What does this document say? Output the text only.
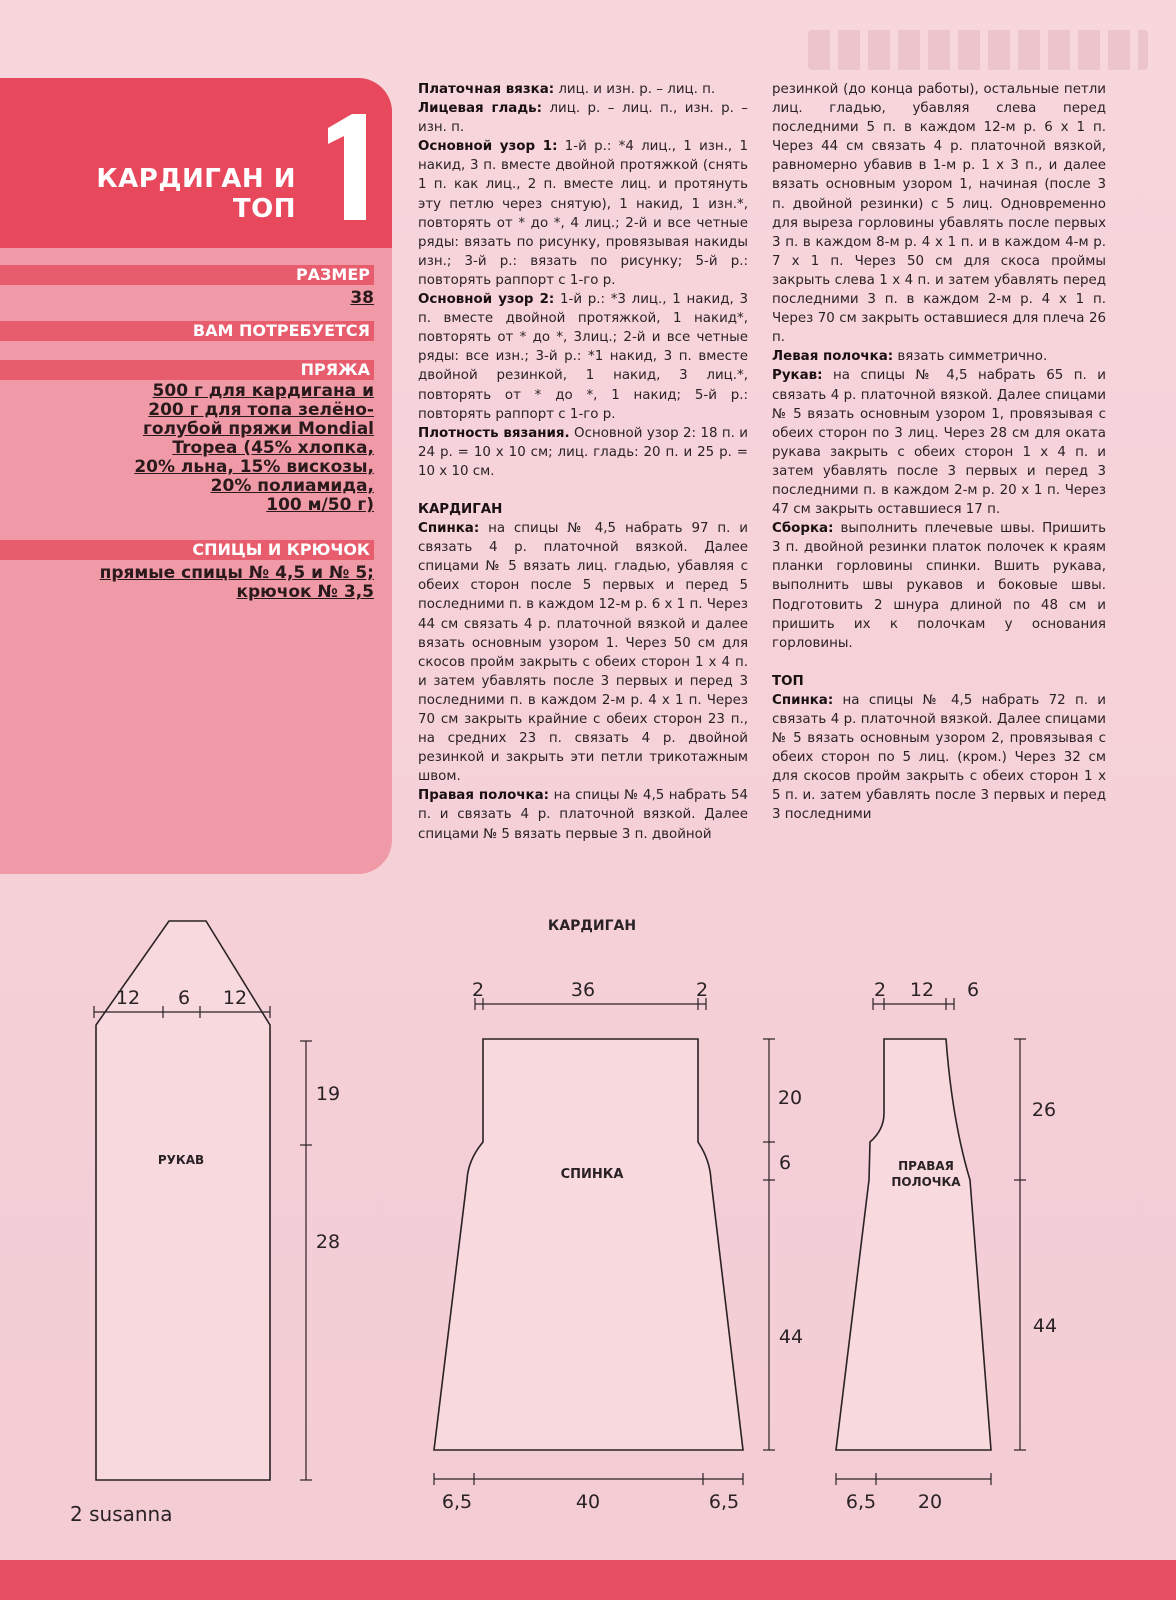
КАРДИГАН И
ТОП
РАЗМЕР
38
ВАМ ПОТРЕБУЕТСЯ
ПРЯЖА
500 г для кардигана и
200 г для топа зелёно-
голубой пряжи Mondial
Tropea (45% хлопка,
20% льна, 15% вискозы,
20% полиамида,
100 м/50 г)
СПИЦЫ И КРЮЧОК
прямые спицы № 4,5 и № 5;
крючок № 3,5

Платочная вязка: лиц. и изн. р. – лиц. п.

Лицевая гладь: лиц. р. – лиц. п., изн. р. – изн. п.

Основной узор 1: 1-й р.: *4 лиц., 1 изн., 1 накид, 3 п. вместе двойной протяжкой (снять 1 п. как лиц., 2 п. вместе лиц. и протянуть эту петлю через снятую), 1 накид, 1 изн.*, повторять от * до *, 4 лиц.; 2-й и все четные ряды: вязать по рисунку, провязывая накиды изн.; 3-й р.: вязать по рисунку; 5-й р.: повторять раппорт с 1-го р.

Основной узор 2: 1-й р.: *3 лиц., 1 накид, 3 п. вместе двойной протяжкой, 1 накид*, повторять от * до *, 3лиц.; 2-й и все четные ряды: все изн.; 3-й р.: *1 накид, 3 п. вместе двойной резинкой, 1 накид, 3 лиц.*, повторять от * до *, 1 накид; 5-й р.: повторять раппорт с 1-го р.

Плотность вязания. Основной узор 2: 18 п. и 24 р. = 10 х 10 см; лиц. гладь: 20 п. и 25 р. = 10 х 10 см.

КАРДИГАН

Спинка: на спицы № 4,5 набрать 97 п. и связать 4 р. платочной вязкой. Далее спицами № 5 вязать лиц. гладью, убавляя с обеих сторон после 5 первых и перед 5 последними п. в каждом 12-м р. 6 х 1 п. Через 44 см связать 4 р. платочной вязкой и далее вязать основным узором 1. Через 50 см для скосов пройм закрыть с обеих сторон 1 х 4 п. и затем убавлять после 3 первых и перед 3 последними п. в каждом 2-м р. 4 х 1 п. Через 70 см закрыть крайние с обеих сторон 23 п., на средних 23 п. связать 4 р. двойной резинкой и закрыть эти петли трикотажным швом.

Правая полочка: на спицы № 4,5 набрать 54 п. и связать 4 р. платочной вязкой. Далее спицами № 5 вязать первые 3 п. двойной

резинкой (до конца работы), остальные петли лиц. гладью, убавляя слева перед последними 5 п. в каждом 12-м р. 6 х 1 п. Через 44 см связать 4 р. платочной вязкой, равномерно убавив в 1-м р. 1 х 3 п., и далее вязать основным узором 1, начиная (после 3 п. двойной резинки) с 5 лиц. Одновременно для выреза горловины убавлять после первых 3 п. в каждом 8-м р. 4 х 1 п. и в каждом 4-м р. 7 х 1 п. Через 50 см для скоса проймы закрыть слева 1 х 4 п. и затем убавлять перед последними 3 п. в каждом 2-м р. 4 х 1 п. Через 70 см закрыть оставшиеся для плеча 26 п.

Левая полочка: вязать симметрично.

Рукав: на спицы № 4,5 набрать 65 п. и связать 4 р. платочной вязкой. Далее спицами № 5 вязать основным узором 1, провязывая с обеих сторон по 3 лиц. Через 28 см для оката рукава закрыть с обеих сторон 1 х 4 п. и затем убавлять после 3 первых и перед 3 последними п. в каждом 2-м р. 20 х 1 п. Через 47 см закрыть оставшиеся 17 п.

Сборка: выполнить плечевые швы. Пришить 3 п. двойной резинки платок полочек к краям планки горловины спинки. Вшить рукава, выполнить швы рукавов и боковые швы. Подготовить 2 шнура длиной по 48 см и пришить их к полочкам у основания горловины.

ТОП

Спинка: на спицы № 4,5 набрать 72 п. и связать 4 р. платочной вязкой. Далее спицами № 5 вязать основным узором 2, провязывая с обеих сторон по 5 лиц. (кром.) Через 32 см для скосов пройм закрыть с обеих сторон 1 х 5 п. и. затем убавлять после 3 первых и перед 3 последними

КАРДИГАН
РУКАВ
12 6 12
19
28
СПИНКА
2	36	2
20
6
44
6,5	40	6,5
ПРАВАЯ
ПОЛОЧКА
2 12 6
26
44
6,5 20
2 susanna
